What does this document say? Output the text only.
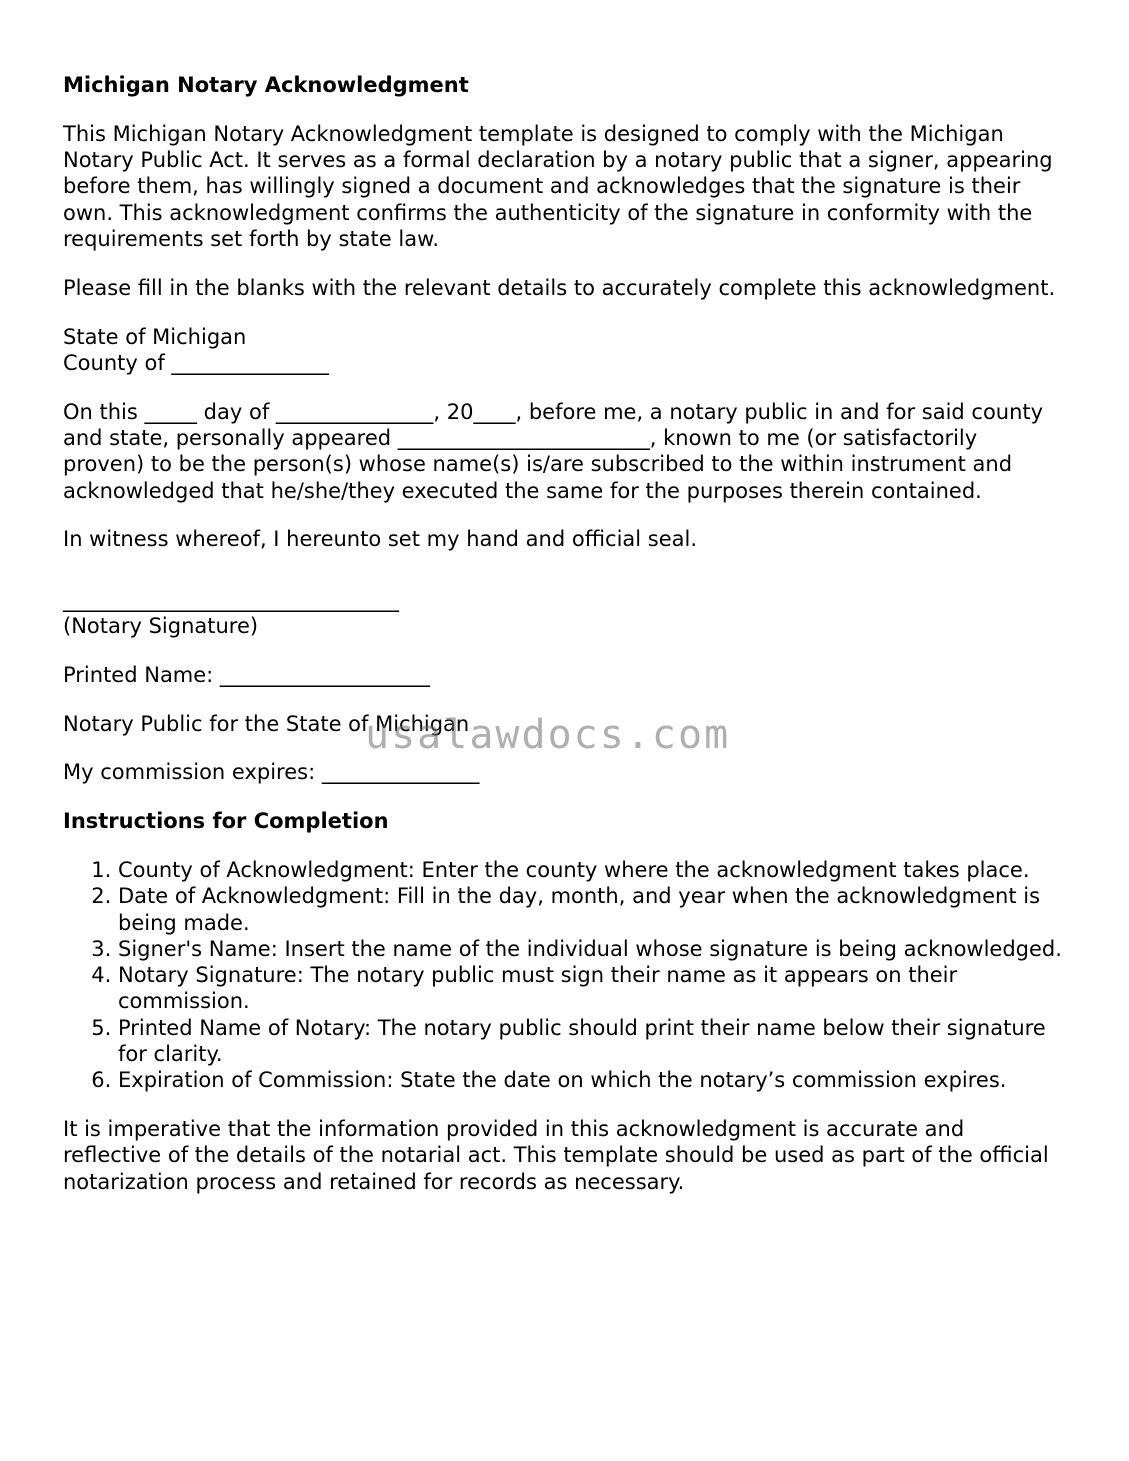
Michigan Notary Acknowledgment

This Michigan Notary Acknowledgment template is designed to comply with the Michigan Notary Public Act. It serves as a formal declaration by a notary public that a signer, appearing before them, has willingly signed a document and acknowledges that the signature is their own. This acknowledgment confirms the authenticity of the signature in conformity with the requirements set forth by state law.

Please fill in the blanks with the relevant details to accurately complete this acknowledgment.

State of Michigan
County of _______________

On this _____ day of _______________, 20____, before me, a notary public in and for said county and state, personally appeared ________________________, known to me (or satisfactorily proven) to be the person(s) whose name(s) is/are subscribed to the within instrument and acknowledged that he/she/they executed the same for the purposes therein contained.

In witness whereof, I hereunto set my hand and official seal.

________________________________
(Notary Signature)

Printed Name: ____________________

Notary Public for the State of Michigan

My commission expires: _______________

Instructions for Completion
1. County of Acknowledgment: Enter the county where the acknowledgment takes place.
2. Date of Acknowledgment: Fill in the day, month, and year when the acknowledgment is being made.
3. Signer's Name: Insert the name of the individual whose signature is being acknowledged.
4. Notary Signature: The notary public must sign their name as it appears on their commission.
5. Printed Name of Notary: The notary public should print their name below their signature for clarity.
6. Expiration of Commission: State the date on which the notary’s commission expires.

It is imperative that the information provided in this acknowledgment is accurate and reflective of the details of the notarial act. This template should be used as part of the official notarization process and retained for records as necessary.

usalawdocs.com
